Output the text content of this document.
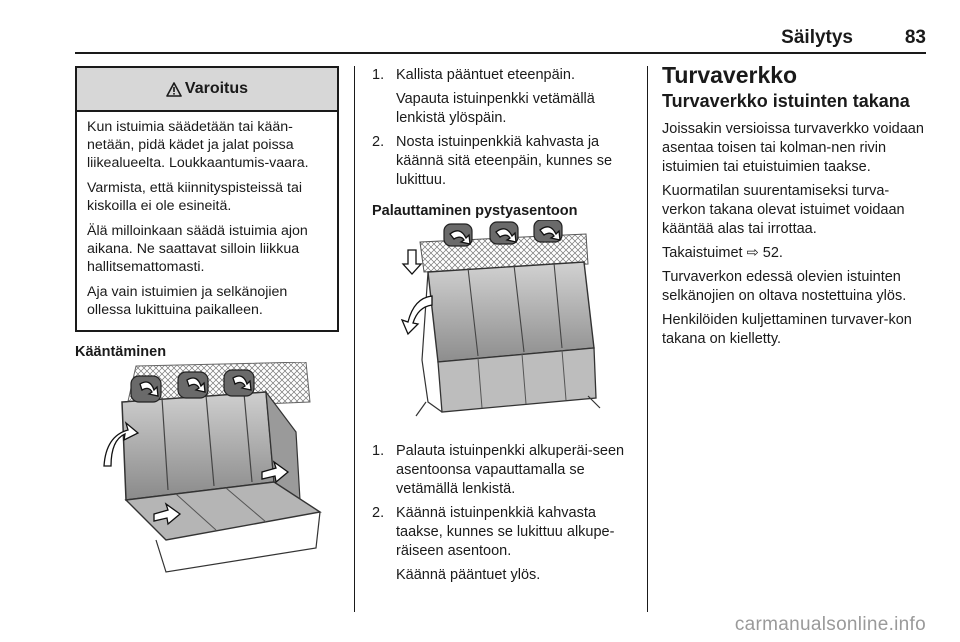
Säilytys	83
Varoitus

Kun istuimia säädetään tai kään-netään, pidä kädet ja jalat poissa liikealueelta. Loukkaantumis-vaara.

Varmista, että kiinnityspisteissä tai kiskoilla ei ole esineitä.

Älä milloinkaan säädä istuimia ajon aikana. Ne saattavat silloin liikkua hallitsemattomasti.

Aja vain istuimien ja selkänojien ollessa lukittuina paikalleen.

Kääntäminen
1. Kallista pääntuet eteenpäin.

Vapauta istuinpenkki vetämällä lenkistä ylöspäin.

2. Nosta istuinpenkkiä kahvasta ja käännä sitä eteenpäin, kunnes se lukittuu.

Palauttaminen pystyasentoon
1. Palauta istuinpenkki alkuperäi-seen asentoonsa vapauttamalla se vetämällä lenkistä.

2. Käännä istuinpenkkiä kahvasta taakse, kunnes se lukittuu alkupe-räiseen asentoon.

Käännä pääntuet ylös.

Turvaverkko
Turvaverkko istuinten takana

Joissakin versioissa turvaverkko voidaan asentaa toisen tai kolman-nen rivin istuimien tai etuistuimien taakse.

Kuormatilan suurentamiseksi turva-verkon takana olevat istuimet voidaan kääntää alas tai irrottaa.

Takaistuimet ⇨ 52.

Turvaverkon edessä olevien istuinten selkänojien on oltava nostettuina ylös.

Henkilöiden kuljettaminen turvaver-kon takana on kielletty.

carmanualsonline.info
